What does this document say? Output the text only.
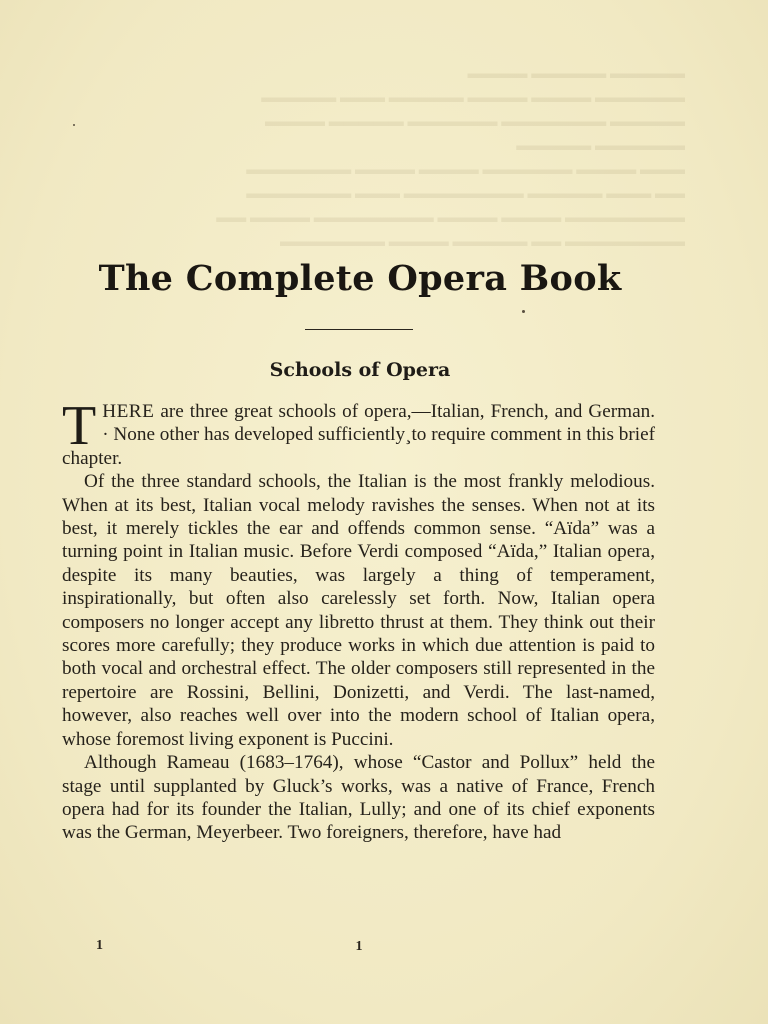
▬▬▬▬▬ ▬▬▬▬▬ ▬▬▬▬
▬▬▬▬▬▬ ▬▬▬▬ ▬▬▬▬ ▬▬▬▬▬ ▬▬▬ ▬▬▬▬▬
▬▬▬▬▬ ▬▬▬▬▬▬▬ ▬▬▬▬▬▬ ▬▬▬▬▬ ▬▬▬▬
▬▬▬▬▬▬ ▬▬▬▬▬
▬▬▬ ▬▬▬▬ ▬▬▬▬▬▬ ▬▬▬▬ ▬▬▬▬ ▬▬▬▬▬▬▬
▬▬ ▬▬▬ ▬▬▬▬▬ ▬▬▬▬▬▬▬▬ ▬▬▬ ▬▬▬▬▬▬▬
▬▬▬▬▬▬▬▬ ▬▬▬▬ ▬▬▬▬ ▬▬▬▬▬▬▬▬ ▬▬▬▬ ▬▬
▬▬▬▬▬▬▬▬ ▬▬ ▬▬▬▬▬ ▬▬▬▬ ▬▬▬▬▬▬▬
The Complete Opera Book
Schools of Opera

THERE are three great schools of opera,—Italian, French, and German. · None other has developed sufficiently¸to require comment in this brief chapter.

Of the three standard schools, the Italian is the most frankly melodious. When at its best, Italian vocal melody ravishes the senses. When not at its best, it merely tickles the ear and offends common sense. “Aïda” was a turning point in Italian music. Before Verdi composed “Aïda,” Italian opera, despite its many beauties, was largely a thing of temperament, inspirationally, but often also carelessly set forth. Now, Italian opera composers no longer accept any libretto thrust at them. They think out their scores more carefully; they produce works in which due attention is paid to both vocal and orchestral effect. The older composers still represented in the repertoire are Rossini, Bellini, Donizetti, and Verdi. The last-named, however, also reaches well over into the modern school of Italian opera, whose foremost living exponent is Puccini.

Although Rameau (1683–1764), whose “Castor and Pollux” held the stage until supplanted by Gluck’s works, was a native of France, French opera had for its founder the Italian, Lully; and one of its chief exponents was the German, Meyerbeer. Two foreigners, therefore, have had

1	1
